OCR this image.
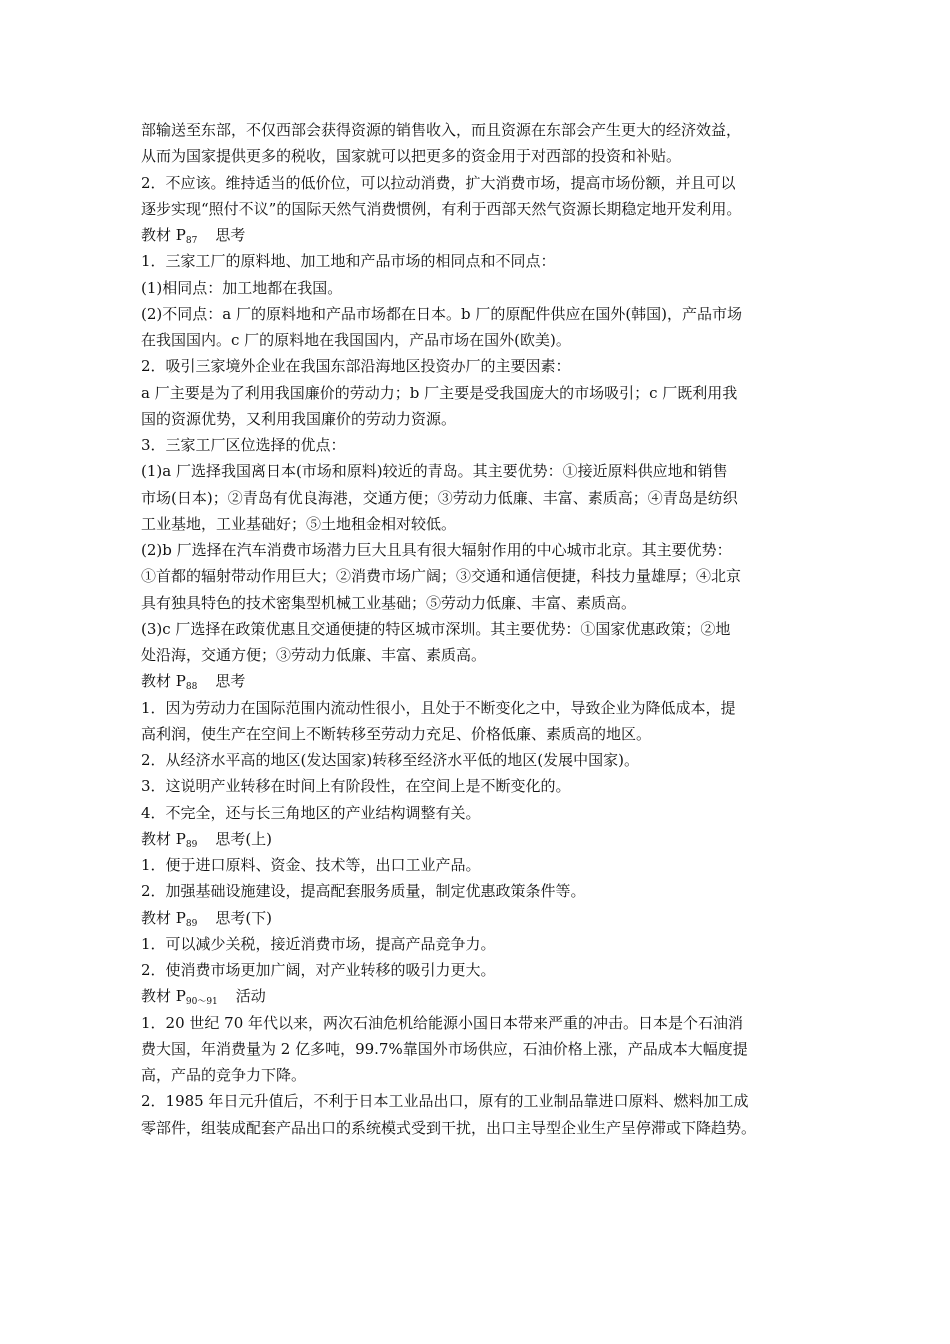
部输送至东部，不仅西部会获得资源的销售收入，而且资源在东部会产生更大的经济效益，
从而为国家提供更多的税收，国家就可以把更多的资金用于对西部的投资和补贴。
2．不应该。维持适当的低价位，可以拉动消费，扩大消费市场，提高市场份额，并且可以
逐步实现“照付不议”的国际天然气消费惯例，有利于西部天然气资源长期稳定地开发利用。
教材 $P_{87}$ 思考
1．三家工厂的原料地、加工地和产品市场的相同点和不同点：
(1)相同点：加工地都在我国。
(2)不同点：a 厂的原料地和产品市场都在日本。b 厂的原配件供应在国外(韩国)，产品市场
在我国国内。c 厂的原料地在我国国内，产品市场在国外(欧美)。
2．吸引三家境外企业在我国东部沿海地区投资办厂的主要因素：
a 厂主要是为了利用我国廉价的劳动力；b 厂主要是受我国庞大的市场吸引；c 厂既利用我
国的资源优势，又利用我国廉价的劳动力资源。
3．三家工厂区位选择的优点：
(1)a 厂选择我国离日本(市场和原料)较近的青岛。其主要优势：①接近原料供应地和销售
市场(日本)；②青岛有优良海港，交通方便；③劳动力低廉、丰富、素质高；④青岛是纺织
工业基地，工业基础好；⑤土地租金相对较低。
(2)b 厂选择在汽车消费市场潜力巨大且具有很大辐射作用的中心城市北京。其主要优势：
①首都的辐射带动作用巨大；②消费市场广阔；③交通和通信便捷，科技力量雄厚；④北京
具有独具特色的技术密集型机械工业基础；⑤劳动力低廉、丰富、素质高。
(3)c 厂选择在政策优惠且交通便捷的特区城市深圳。其主要优势：①国家优惠政策；②地
处沿海，交通方便；③劳动力低廉、丰富、素质高。
教材 $P_{88}$ 思考
1．因为劳动力在国际范围内流动性很小，且处于不断变化之中，导致企业为降低成本，提
高利润，使生产在空间上不断转移至劳动力充足、价格低廉、素质高的地区。
2．从经济水平高的地区(发达国家)转移至经济水平低的地区(发展中国家)。
3．这说明产业转移在时间上有阶段性，在空间上是不断变化的。
4．不完全，还与长三角地区的产业结构调整有关。
教材 $P_{89}$ 思考(上)
1．便于进口原料、资金、技术等，出口工业产品。
2．加强基础设施建设，提高配套服务质量，制定优惠政策条件等。
教材 $P_{89}$ 思考(下)
1．可以减少关税，接近消费市场，提高产品竞争力。
2．使消费市场更加广阔，对产业转移的吸引力更大。
教材 $P_{90\sim 91}$ 活动
1．20 世纪 70 年代以来，两次石油危机给能源小国日本带来严重的冲击。日本是个石油消
费大国，年消费量为 2 亿多吨，99.7%靠国外市场供应，石油价格上涨，产品成本大幅度提
高，产品的竞争力下降。
2．1985 年日元升值后，不利于日本工业品出口，原有的工业制品靠进口原料、燃料加工成
零部件，组装成配套产品出口的系统模式受到干扰，出口主导型企业生产呈停滞或下降趋势。
